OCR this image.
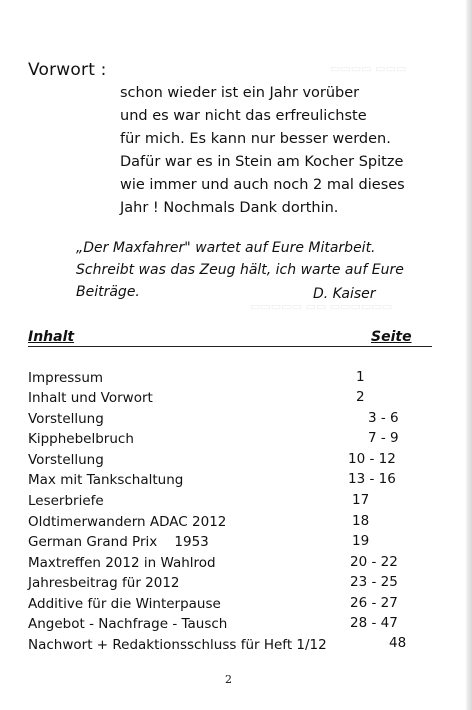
▭▭▭▭ ▭▭▭
▭▭▭▭▭ ▭▭ ▭▭▭▭▭▭
Vorwort :
schon wieder ist ein Jahr vorüber
und es war nicht das erfreulichste
für mich. Es kann nur besser werden.
Dafür war es in Stein am Kocher Spitze
wie immer und auch noch 2 mal dieses
Jahr ! Nochmals Dank dorthin.
„Der Maxfahrer" wartet auf Eure Mitarbeit.
Schreibt was das Zeug hält, ich warte auf Eure
Beiträge.	D. Kaiser
Inhalt	Seite
Impressum	1
Inhalt und Vorwort	2
Vorstellung	3 - 6
Kipphebelbruch	7 - 9
Vorstellung	10 - 12
Max mit Tankschaltung	13 - 16
Leserbriefe	17
Oldtimerwandern ADAC 2012	18
German Grand Prix    1953	19
Maxtreffen 2012 in Wahlrod	20 - 22
Jahresbeitrag für 2012	23 - 25
Additive für die Winterpause	26 - 27
Angebot - Nachfrage - Tausch	28 - 47
Nachwort + Redaktionsschluss für Heft 1/12	48
2
